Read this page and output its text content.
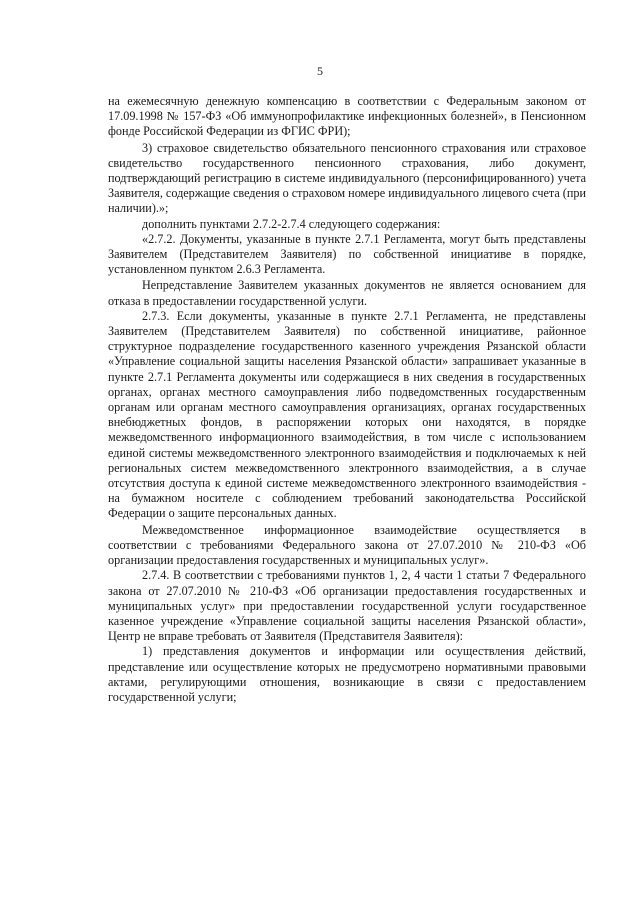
5

на ежемесячную денежную компенсацию в соответствии с Федеральным законом от 17.09.1998 № 157-ФЗ «Об иммунопрофилактике инфекционных болезней», в Пенсионном фонде Российской Федерации из ФГИС ФРИ);

3) страховое свидетельство обязательного пенсионного страхования или страховое свидетельство государственного пенсионного страхования, либо документ, подтверждающий регистрацию в системе индивидуального (персонифицированного) учета Заявителя, содержащие сведения о страховом номере индивидуального лицевого счета (при наличии).»;

дополнить пунктами 2.7.2-2.7.4 следующего содержания:

«2.7.2. Документы, указанные в пункте 2.7.1 Регламента, могут быть представлены Заявителем (Представителем Заявителя) по собственной инициативе в порядке, установленном пунктом 2.6.3 Регламента.

Непредставление Заявителем указанных документов не является основанием для отказа в предоставлении государственной услуги.

2.7.3. Если документы, указанные в пункте 2.7.1 Регламента, не представлены Заявителем (Представителем Заявителя) по собственной инициативе, районное структурное подразделение государственного казенного учреждения Рязанской области «Управление социальной защиты населения Рязанской области» запрашивает указанные в пункте 2.7.1 Регламента документы или содержащиеся в них сведения в государственных органах, органах местного самоуправления либо подведомственных государственным органам или органам местного самоуправления организациях, органах государственных внебюджетных фондов, в распоряжении которых они находятся, в порядке межведомственного информационного взаимодействия, в том числе с использованием единой системы межведомственного электронного взаимодействия и подключаемых к ней региональных систем межведомственного электронного взаимодействия, а в случае отсутствия доступа к единой системе межведомственного электронного взаимодействия - на бумажном носителе с соблюдением требований законодательства Российской Федерации о защите персональных данных.

Межведомственное информационное взаимодействие осуществляется в соответствии с требованиями Федерального закона от 27.07.2010 № 210-ФЗ «Об организации предоставления государственных и муниципальных услуг».

2.7.4. В соответствии с требованиями пунктов 1, 2, 4 части 1 статьи 7 Федерального закона от 27.07.2010 № 210-ФЗ «Об организации предоставления государственных и муниципальных услуг» при предоставлении государственной услуги государственное казенное учреждение «Управление социальной защиты населения Рязанской области», Центр не вправе требовать от Заявителя (Представителя Заявителя):

1) представления документов и информации или осуществления действий, представление или осуществление которых не предусмотрено нормативными правовыми актами, регулирующими отношения, возникающие в связи с предоставлением государственной услуги;
